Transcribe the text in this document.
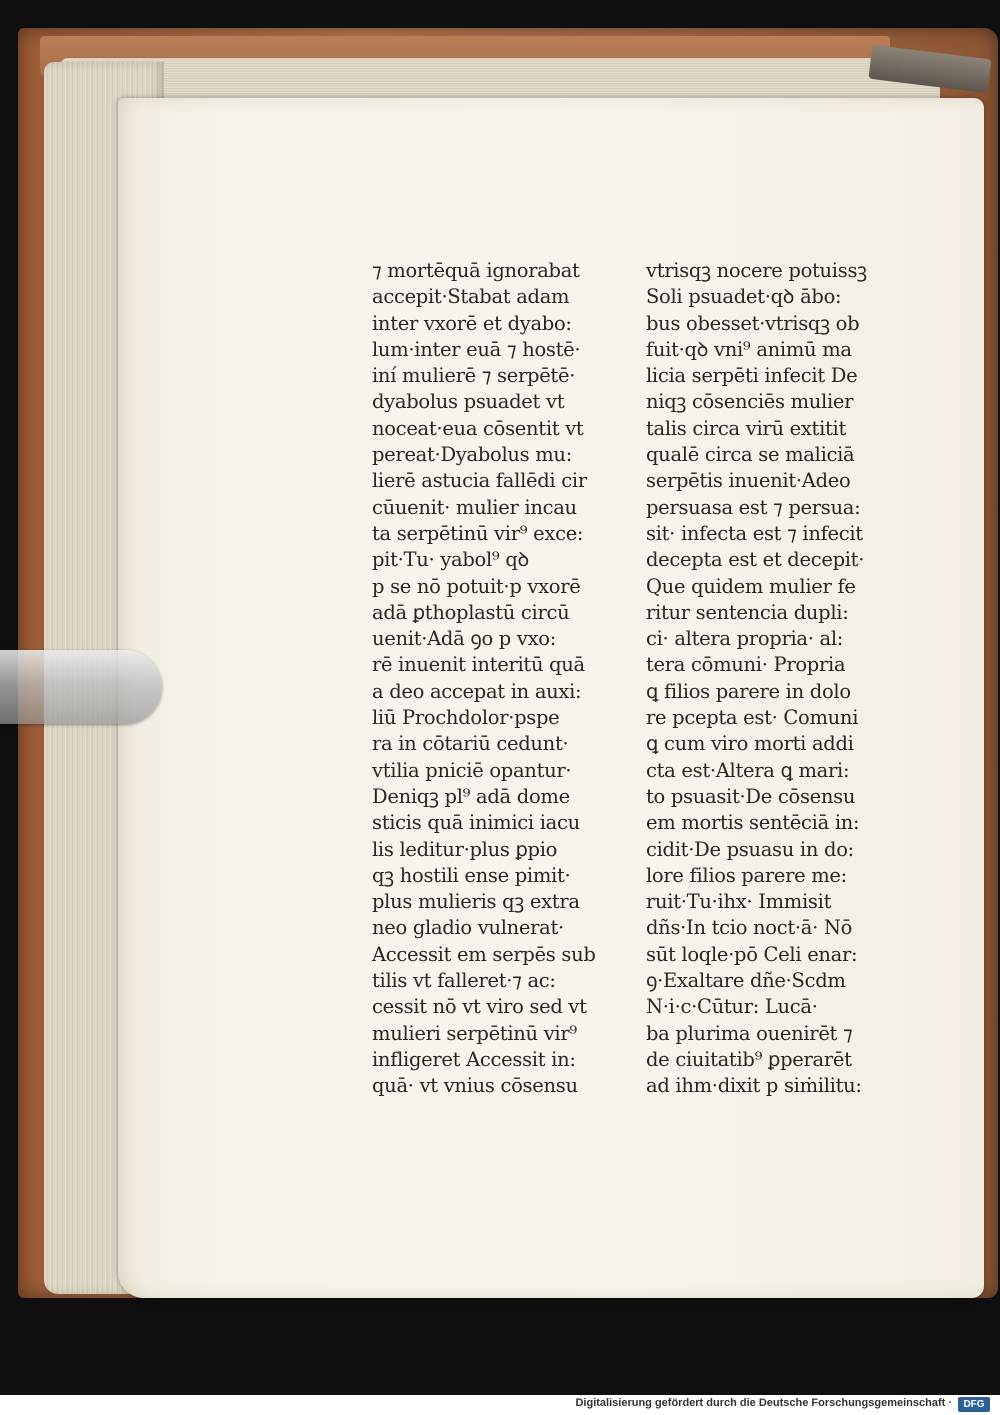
⁊ mortēquā ignorabat
accepit·Stabat adam
inter vxorē et dyabo:
lum·inter euā ⁊ hostē·
iní mulierē ⁊ serpētē·
dyabolus psuadet vt
noceat·eua cōsentit vt
pereat·Dyabolus mu:
lierē astucia fallēdi cir
cūuenit· mulier incau
ta serpētinū vir⁹ exce:
pit·Tu· yabol⁹ qꝺ
p se nō potuit·p vxorē
adā ꝑthoplastū circū
uenit·Adā ꝯo p vxo:
rē inuenit interitū quā
a deo accepat in auxi:
liū Prochdolor·pspe
ra in cōtariū cedunt·
vtilia pniciē opantur·
Deniqꝫ pl⁹ adā dome
sticis quā inimici iacu
lis leditur·plus ꝑpio
qꝫ hostili ense pimit·
plus mulieris qꝫ extra
neo gladio vulnerat·
Accessit em serpēs sub
tilis vt falleret·⁊ ac:
cessit nō vt viro sed vt
mulieri serpētinū vir⁹
infligeret Accessit in:
quā· vt vnius cōsensu
vtrisqꝫ nocere potuissꝫ
Soli psuadet·qꝺ ābo:
bus obesset·vtrisqꝫ ob
fuit·qꝺ vni⁹ animū ma
licia serpēti infecit De
niqꝫ cōsenciēs mulier
talis circa virū extitit
qualē circa se maliciā
serpētis inuenit·Adeo
persuasa est ⁊ persua:
sit· infecta est ⁊ infecit
decepta est et decepit·
Que quidem mulier fe
ritur sentencia dupli:
ci· altera propria· al:
tera cōmuni· Propria
ꝗ filios parere in dolo
re pcepta est· Comuni
ꝗ cum viro morti addi
cta est·Altera ꝗ mari:
to psuasit·De cōsensu
em mortis sentēciā in:
cidit·De psuasu in do:
lore filios parere me:
ruit·Tu·ihx· Immisit
dñs·In tcio noct·ā· Nō
sūt loqle·pō Celi enar:
ꝯ·Exaltare dñe·Scdm
N·i·c·Cūtur: Lucā·
ba plurima ouenirēt ⁊
de ciuitatib⁹ ꝑperarēt
ad ihm·dixit p siṁilitu:
Digitalisierung gefördert durch die Deutsche Forschungsgemeinschaft ·	DFG
